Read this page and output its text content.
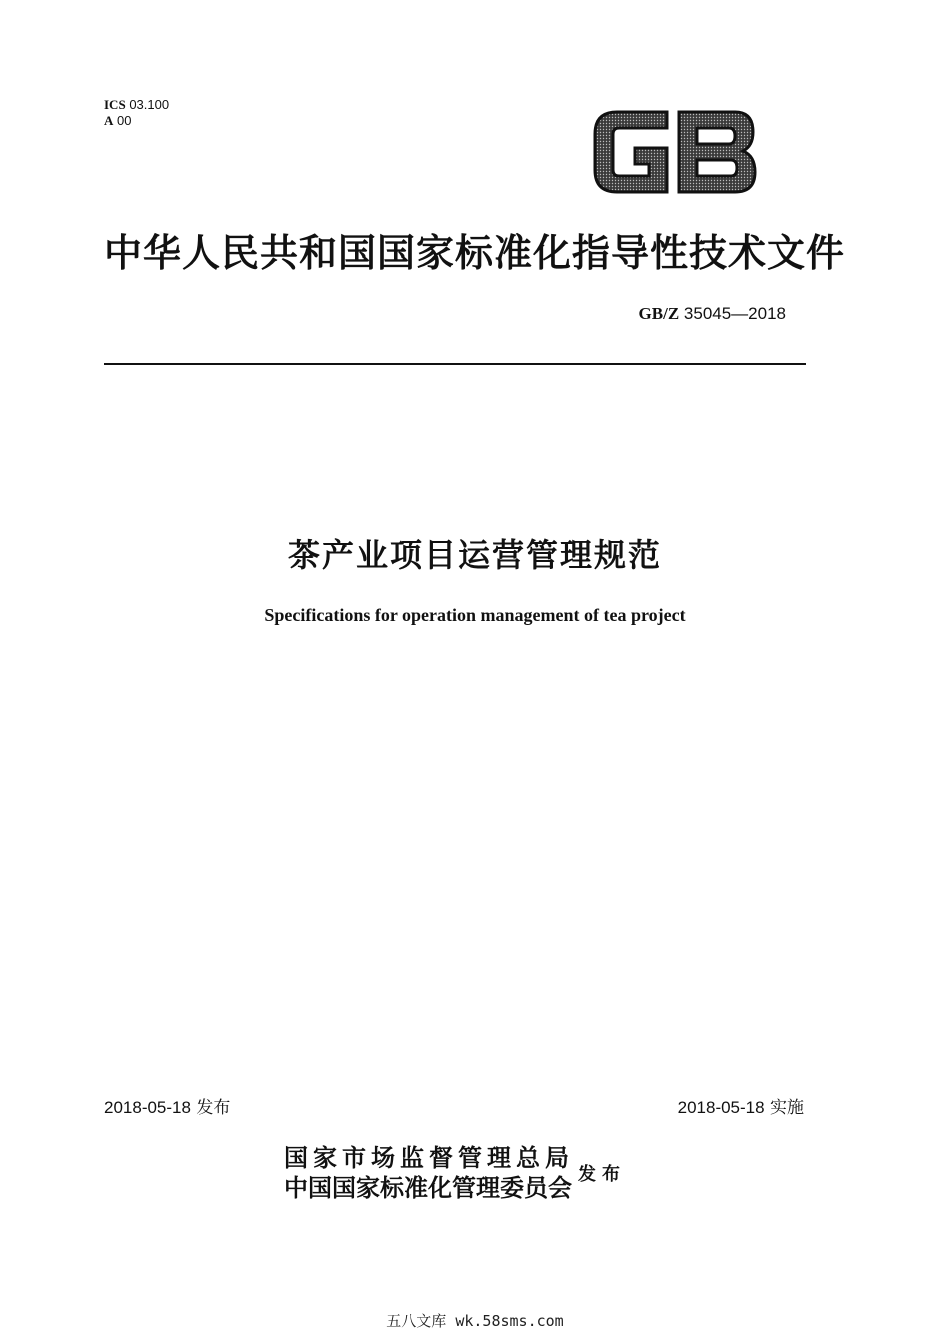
ICS 03.100
A 00
中华人民共和国国家标准化指导性技术文件
GB/Z 35045—2018
茶产业项目运营管理规范
Specifications for operation management of tea project
2018-05-18 发布	2018-05-18 实施
国家市场监督管理总局
中国国家标准化管理委员会 发布
五八文库 wk.58sms.com
